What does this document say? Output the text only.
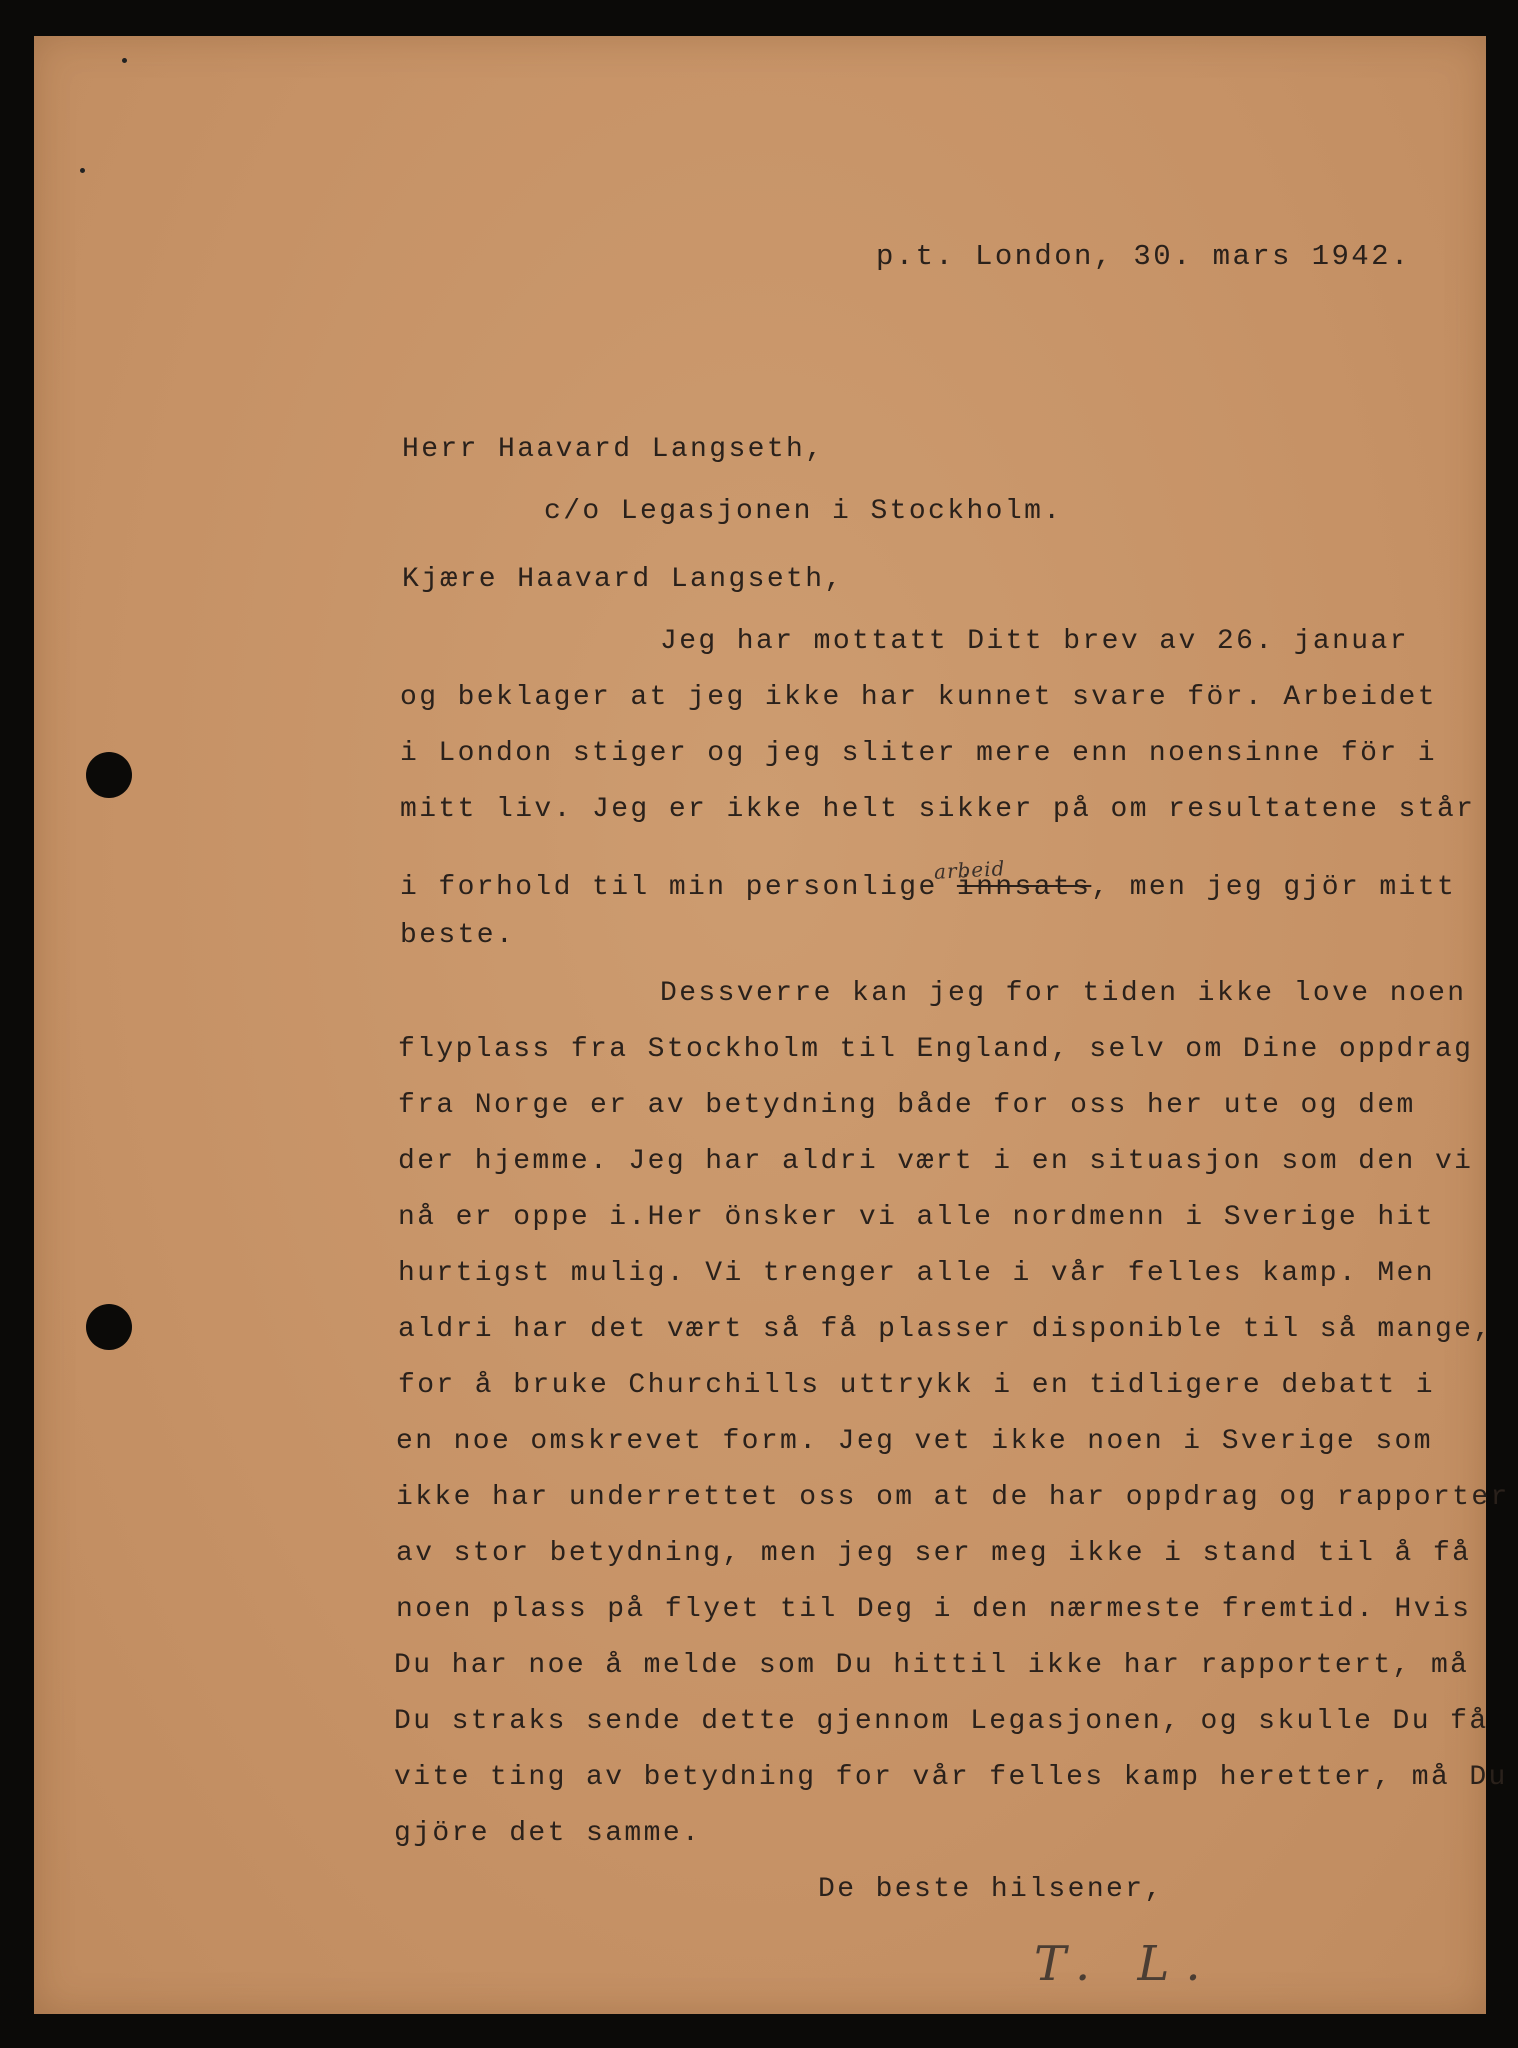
p.t. London, 30. mars 1942.
Herr Haavard Langseth,
c/o Legasjonen i Stockholm.
Kjære Haavard Langseth,
Jeg har mottatt Ditt brev av 26. januar
og beklager at jeg ikke har kunnet svare för. Arbeidet
i London stiger og jeg sliter mere enn noensinne för i
mitt liv. Jeg er ikke helt sikker på om resultatene står
i forhold til min personlige innsats, men jeg gjör mitt
arbeid
beste.
Dessverre kan jeg for tiden ikke love noen
flyplass fra Stockholm til England, selv om Dine oppdrag
fra Norge er av betydning både for oss her ute og dem
der hjemme. Jeg har aldri vært i en situasjon som den vi
nå er oppe i.Her önsker vi alle nordmenn i Sverige hit
hurtigst mulig. Vi trenger alle i vår felles kamp. Men
aldri har det vært så få plasser disponible til så mange,
for å bruke Churchills uttrykk i en tidligere debatt i
en noe omskrevet form. Jeg vet ikke noen i Sverige som
ikke har underrettet oss om at de har oppdrag og rapporter
av stor betydning, men jeg ser meg ikke i stand til å få
noen plass på flyet til Deg i den nærmeste fremtid. Hvis
Du har noe å melde som Du hittil ikke har rapportert, må
Du straks sende dette gjennom Legasjonen, og skulle Du få
vite ting av betydning for vår felles kamp heretter, må Du
gjöre det samme.
De beste hilsener,
T. L.
